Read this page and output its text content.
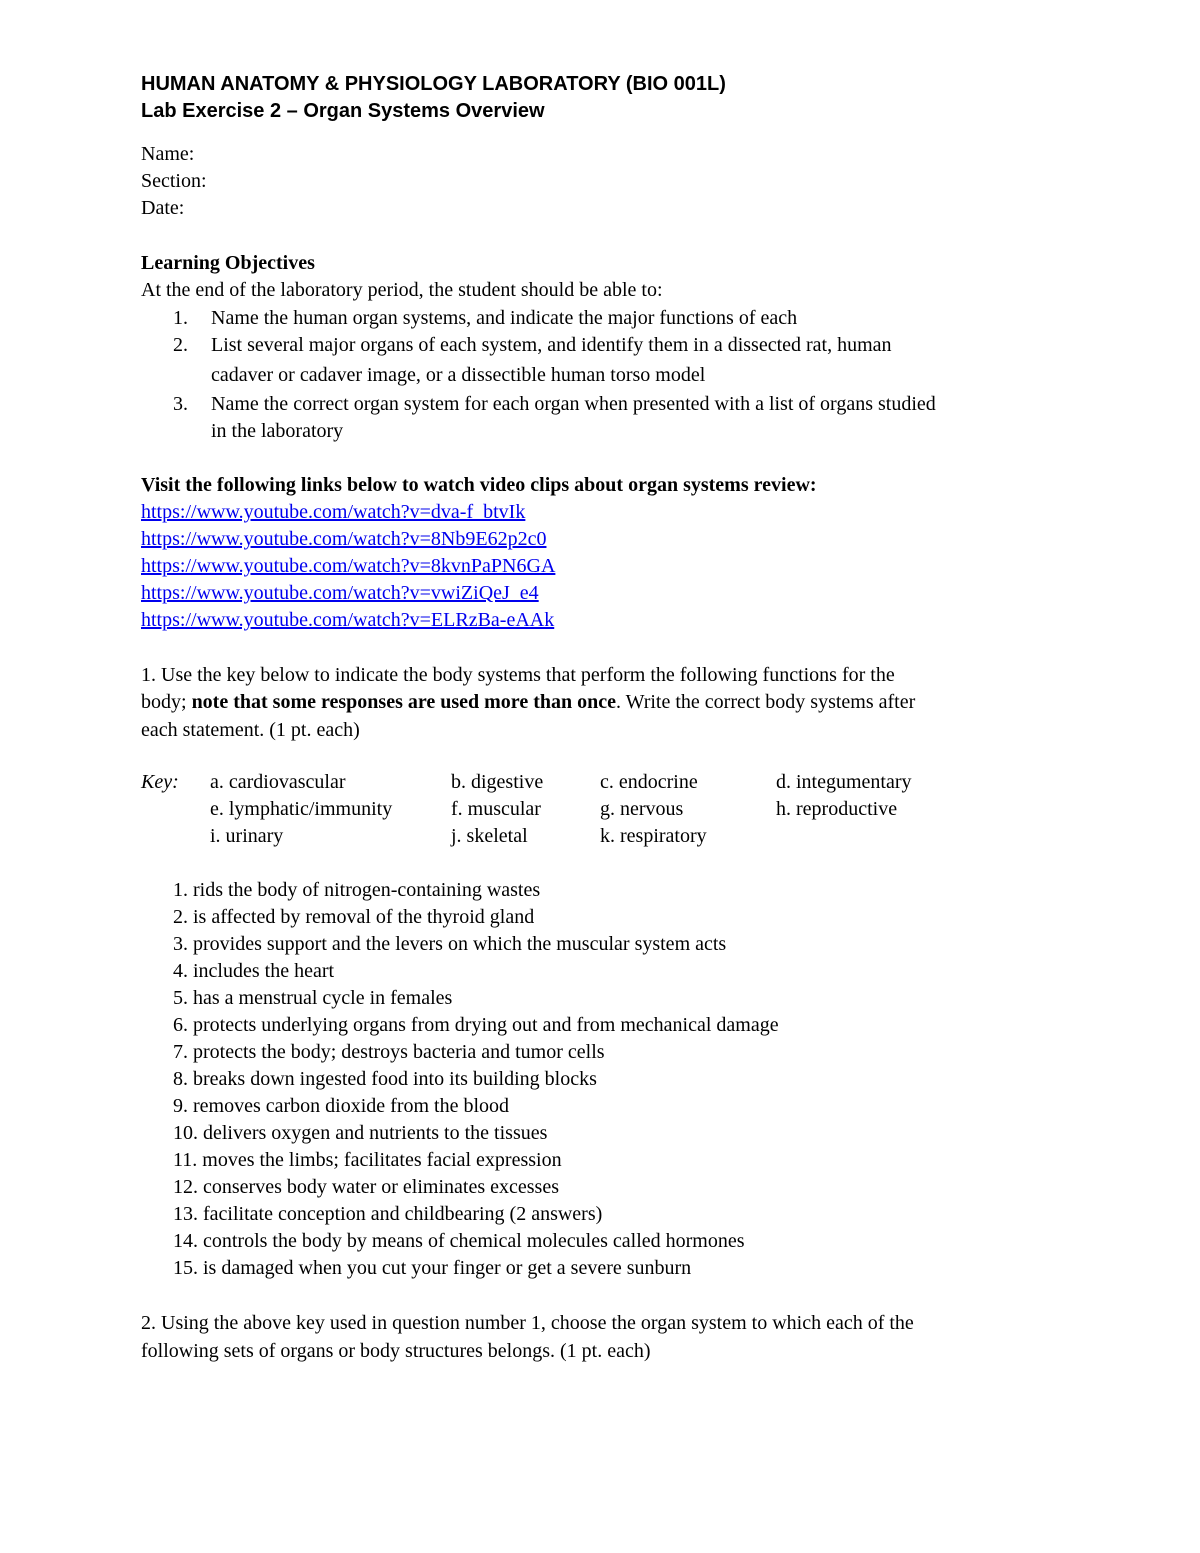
HUMAN ANATOMY & PHYSIOLOGY LABORATORY (BIO 001L)
Lab Exercise 2 – Organ Systems Overview
Name:
Section:
Date:
Learning Objectives
At the end of the laboratory period, the student should be able to:
1. Name the human organ systems, and indicate the major functions of each
2. List several major organs of each system, and identify them in a dissected rat, human
cadaver or cadaver image, or a dissectible human torso model
3. Name the correct organ system for each organ when presented with a list of organs studied
in the laboratory
Visit the following links below to watch video clips about organ systems review:
https://www.youtube.com/watch?v=dva-f_btvIk
https://www.youtube.com/watch?v=8Nb9E62p2c0
https://www.youtube.com/watch?v=8kvnPaPN6GA
https://www.youtube.com/watch?v=vwiZiQeJ_e4
https://www.youtube.com/watch?v=ELRzBa-eAAk
1. Use the key below to indicate the body systems that perform the following functions for the
body; note that some responses are used more than once. Write the correct body systems after
each statement. (1 pt. each)
Key: a. cardiovascular	b. digestive	c. endocrine	d. integumentary
e. lymphatic/immunity	f. muscular	g. nervous	h. reproductive
i. urinary	j. skeletal	k. respiratory
1. rids the body of nitrogen-containing wastes
2. is affected by removal of the thyroid gland
3. provides support and the levers on which the muscular system acts
4. includes the heart
5. has a menstrual cycle in females
6. protects underlying organs from drying out and from mechanical damage
7. protects the body; destroys bacteria and tumor cells
8. breaks down ingested food into its building blocks
9. removes carbon dioxide from the blood
10. delivers oxygen and nutrients to the tissues
11. moves the limbs; facilitates facial expression
12. conserves body water or eliminates excesses
13. facilitate conception and childbearing (2 answers)
14. controls the body by means of chemical molecules called hormones
15. is damaged when you cut your finger or get a severe sunburn
2. Using the above key used in question number 1, choose the organ system to which each of the
following sets of organs or body structures belongs. (1 pt. each)
